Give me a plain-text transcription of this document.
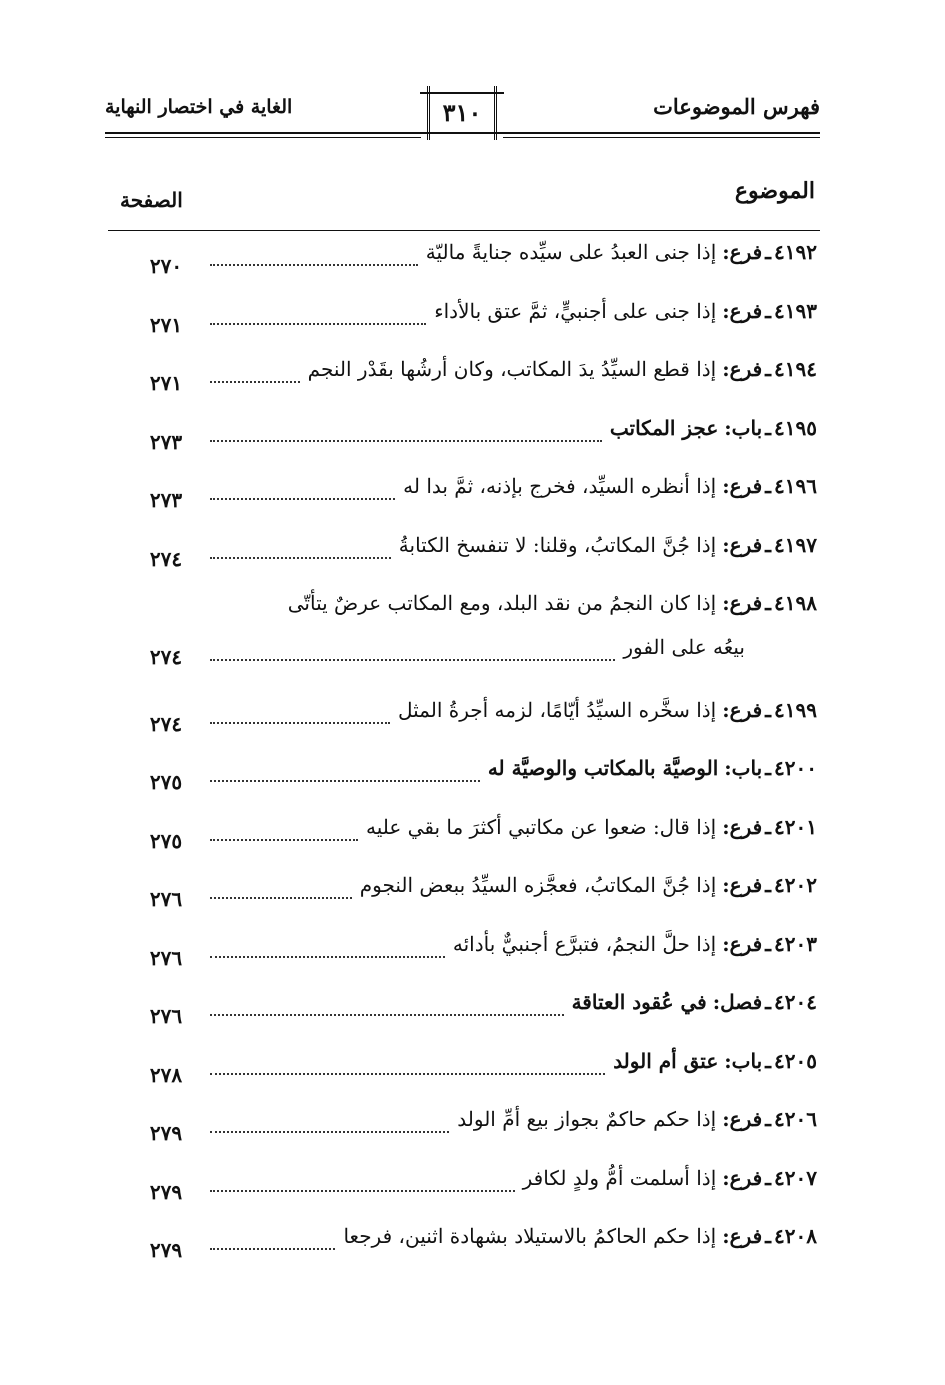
فهرس الموضوعات
الغاية في اختصار النهاية	٣١٠
الموضوع
الصفحة
٤١٩٢
ـ
فرع
:
إذا جنى العبدُ على سيِّده جنايةً ماليّة
٢٧٠
٤١٩٣
ـ
فرع
:
إذا جنى على أجنبيٍّ، ثمَّ عتق بالأداء
٢٧١
٤١٩٤
ـ
فرع
:
إذا قطع السيِّدُ يدَ المكاتب، وكان أرشُها بقَدْر النجم
٢٧١
٤١٩٥
ـ
باب
:
عجز المكاتب
٢٧٣
٤١٩٦
ـ
فرع
:
إذا أنظره السيِّد، فخرج بإذنه، ثمَّ بدا له
٢٧٣
٤١٩٧
ـ
فرع
:
إذا جُنَّ المكاتبُ، وقلنا: لا تنفسخ الكتابةُ
٢٧٤
٤١٩٨
ـ
فرع
:
إذا كان النجمُ من نقد البلد، ومع المكاتب عرضٌ يتأتّى
بيعُه على الفور
٢٧٤
٤١٩٩
ـ
فرع
:
إذا سخَّره السيِّدُ أيّامًا، لزمه أجرةُ المثل
٢٧٤
٤٢٠٠
ـ
باب
:
الوصيَّة بالمكاتب والوصيَّة له
٢٧٥
٤٢٠١
ـ
فرع
:
إذا قال: ضعوا عن مكاتبي أكثرَ ما بقي عليه
٢٧٥
٤٢٠٢
ـ
فرع
:
إذا جُنَّ المكاتبُ، فعجَّزه السيِّدُ ببعض النجوم
٢٧٦
٤٢٠٣
ـ
فرع
:
إذا حلَّ النجمُ، فتبرَّع أجنبيٌّ بأدائه
٢٧٦
٤٢٠٤
ـ
فصل
:
في عُقود العتاقة
٢٧٦
٤٢٠٥
ـ
باب
:
عتق أم الولد
٢٧٨
٤٢٠٦
ـ
فرع
:
إذا حكم حاكمٌ بجواز بيع أمِّ الولد
٢٧٩
٤٢٠٧
ـ
فرع
:
إذا أسلمت أمُّ ولدٍ لكافر
٢٧٩
٤٢٠٨
ـ
فرع
:
إذا حكم الحاكمُ بالاستيلاد بشهادة اثنين، فرجعا
٢٧٩
